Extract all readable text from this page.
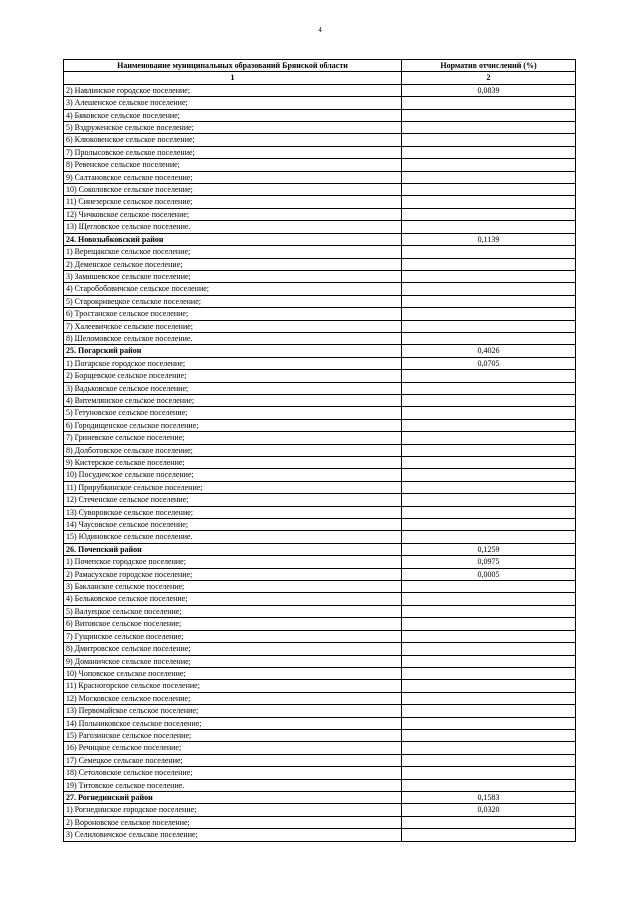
4
Наименование муниципальных образований Брянской области	Норматив отчислений (%)
1	2
2) Навлинское городское поселение;	0,0839
3) Алешенское сельское поселение;	
4) Бяковское сельское поселение;	
5) Вздруженское сельское поселение;	
6) Клюковенское сельское поселение;	
7) Пролысовское сельское поселение;	
8) Ревенское сельское поселение;	
9) Салтановское сельское поселение;	
10) Соколовское сельское поселение;	
11) Синезерское сельское поселение;	
12) Чичковское сельское поселение;	
13) Щегловское сельское поселение.	
24. Новозыбковский район	0,1139
1) Верещакское сельское поселение;	
2) Деменское сельское поселение;	
3) Замишевское сельское поселение;	
4) Старобобовичское сельское поселение;	
5) Старокривецкое сельское поселение;	
6) Тростанское сельское поселение;	
7) Халеевичское сельское поселение;	
8) Шеломовское сельское поселение.	
25. Погарский район	0,4026
1) Погарское городское поселение;	0,0705
2) Борщевское сельское поселение;	
3) Вадьковское сельское поселение;	
4) Витемлянское сельское поселение;	
5) Гетуновское сельское поселение;	
6) Городищенское сельское поселение;	
7) Гриневское сельское поселение;	
8) Долботовское сельское поселение;	
9) Кистерское сельское поселение;	
10) Посудичское сельское поселение;	
11) Прирубкинское сельское поселение;	
12) Стеченское сельское поселение;	
13) Суворовское сельское поселение;	
14) Чаусовское сельское поселение;	
15) Юдиновское сельское поселение.	
26. Почепский район	0,1259
1) Почепское городское поселение;	0,0975
2) Рамасухское городское поселение;	0,0005
3) Бакланское сельское поселение;	
4) Бельковское сельское поселение;	
5) Валуецкое сельское поселение;	
6) Витовское сельское поселение;	
7) Гущинское сельское поселение;	
8) Дмитровское сельское поселение;	
9) Доманичское сельское поселение;	
10) Чоповское сельское поселение;	
11) Красногорское сельское поселение;	
12) Московское сельское поселение;	
13) Первомайское сельское поселение;	
14) Польниковское сельское поселение;	
15) Рагозинское сельское поселение;	
16) Речицкое сельское поселение;	
17) Семецкое сельское поселение;	
18) Сетоловское сельское поселение;	
19) Титовское сельское поселение.	
27. Рогнединский район	0,1583
1) Рогнединское городское поселение;	0,0320
2) Вороновское сельское поселение;	
3) Селиловичское сельское поселение;	
